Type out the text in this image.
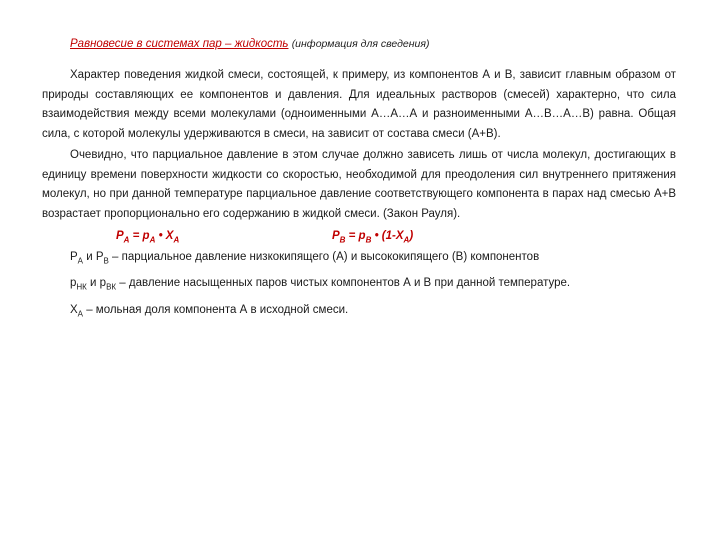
Равновесие в системах пар – жидкость (информация для сведения)

Характер поведения жидкой смеси, состоящей, к примеру, из компонентов А и В, зависит главным образом от природы составляющих ее компонентов и давления. Для идеальных растворов (смесей) характерно, что сила взаимодействия между всеми молекулами (одноименными А…А…А и разноименными А…В…А…В) равна. Общая сила, с которой молекулы удерживаются в смеси, на зависит от состава смеси (А+В).

Очевидно, что парциальное давление в этом случае должно зависеть лишь от числа молекул, достигающих в единицу времени поверхности жидкости со скоростью, необходимой для преодоления сил внутреннего притяжения молекул, но при данной температуре парциальное давление соответствующего компонента в парах над смесью А+В возрастает пропорционально его содержанию в жидкой смеси. (Закон Рауля).

$P_A = p_A$ • $X_A$	$P_B = p_B$ • $(1-X_A)$

$P_A$ и $P_B$ – парциальное давление низкокипящего (А) и высококипящего (В) компонентов

$р_{НК}$ и $р_{ВК}$ – давление насыщенных паров чистых компонентов А и В при данной температуре.

$Х_А$ – мольная доля компонента А в исходной смеси.
